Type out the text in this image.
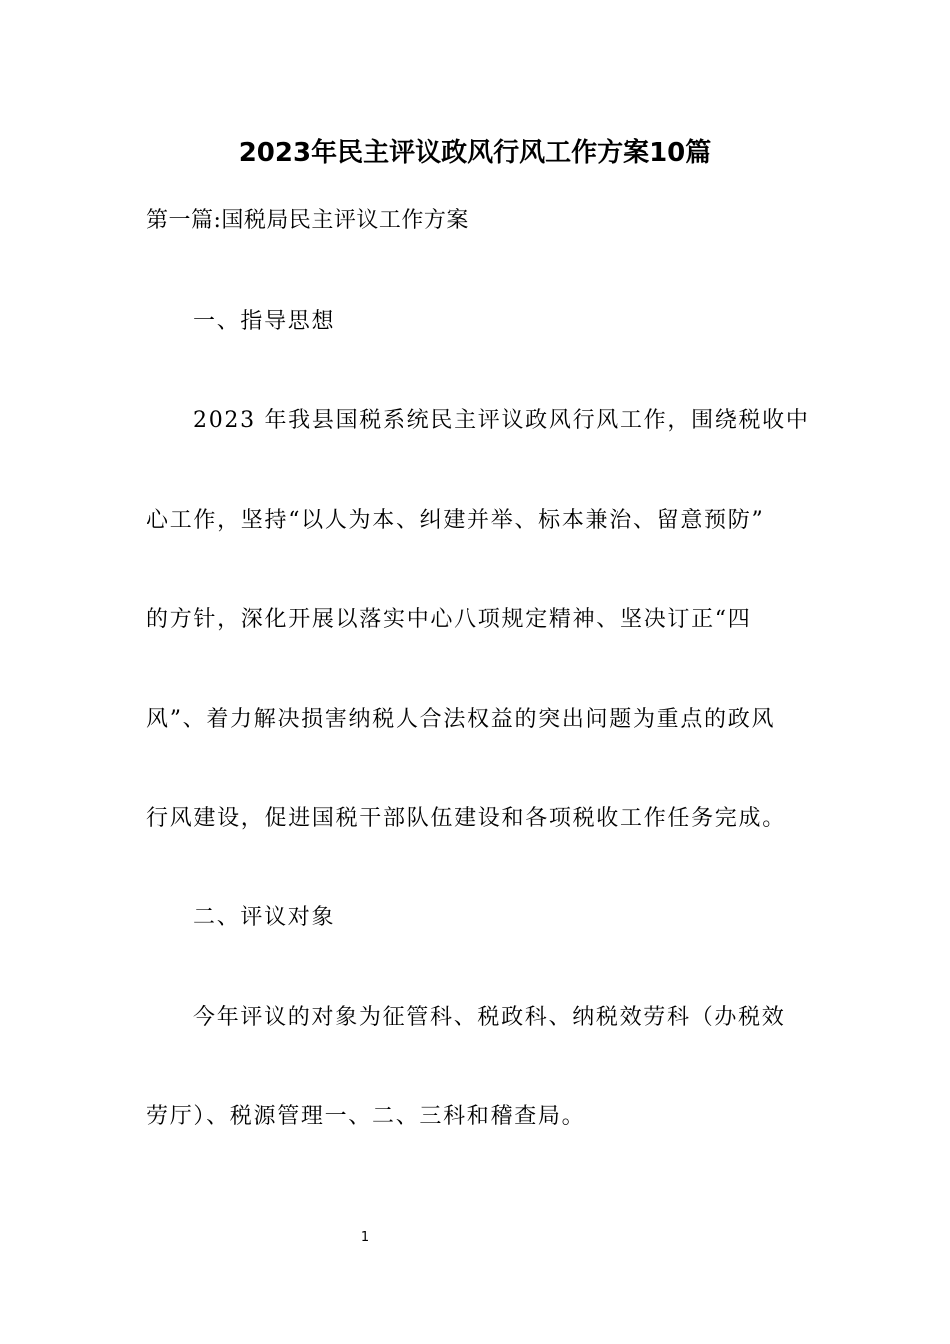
2023年民主评议政风行风工作方案10篇
第一篇:国税局民主评议工作方案
一、指导思想
2023 年我县国税系统民主评议政风行风工作，围绕税收中
心工作，坚持“以人为本、纠建并举、标本兼治、留意预防”
的方针，深化开展以落实中心八项规定精神、坚决订正“四
风”、着力解决损害纳税人合法权益的突出问题为重点的政风
行风建设，促进国税干部队伍建设和各项税收工作任务完成。
二、评议对象
今年评议的对象为征管科、税政科、纳税效劳科（办税效
劳厅）、税源管理一、二、三科和稽查局。
1
